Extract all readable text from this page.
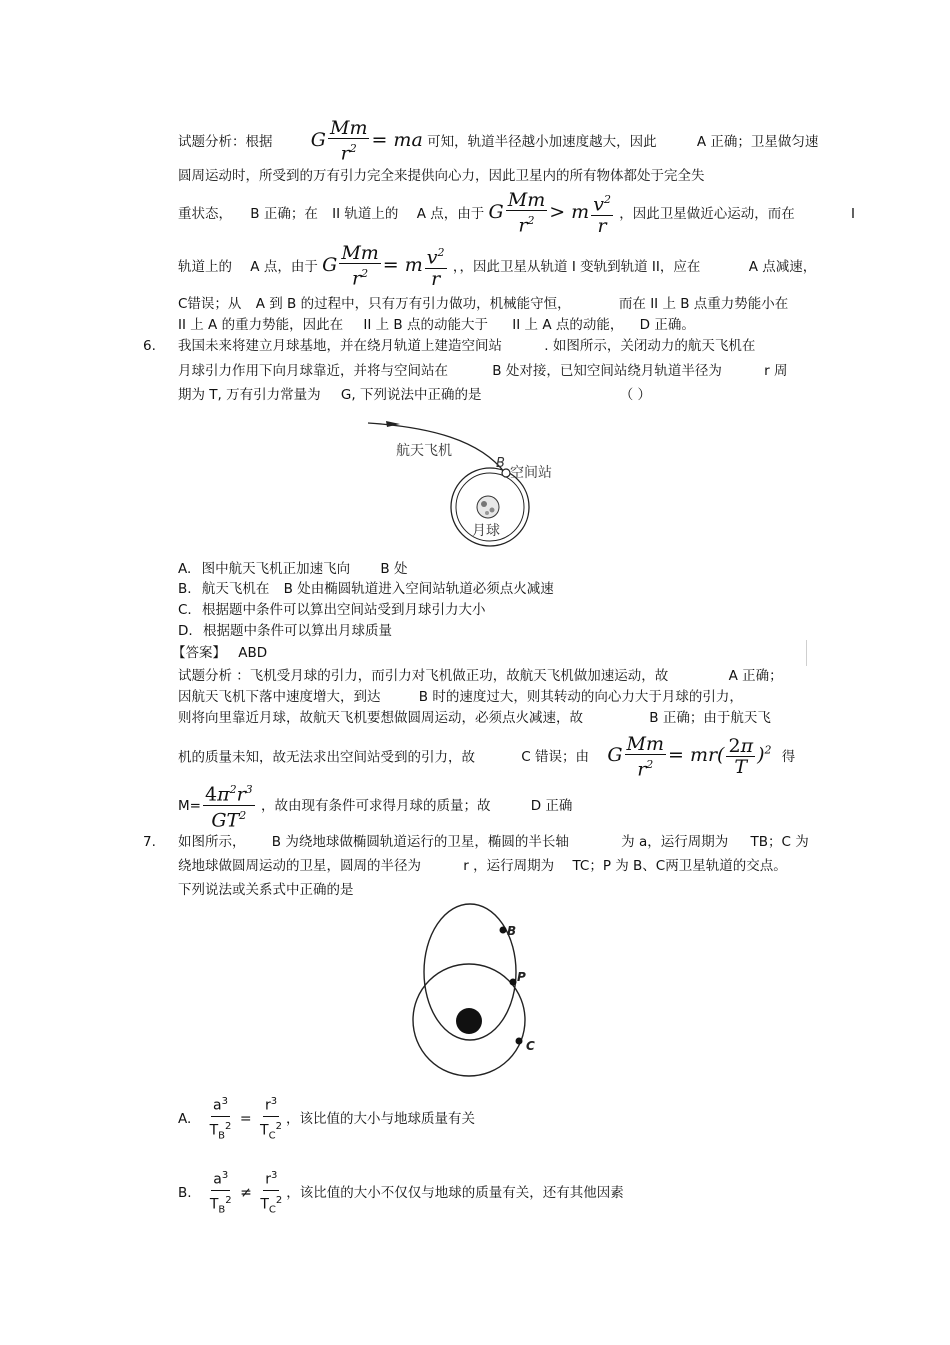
试题分析：根据 G $\frac{Mm}{r^2}$ = ma 可知，轨道半径越小加速度越大，因此	A 正确；卫星做匀速
圆周运动时，所受到的万有引力完全来提供向心力，因此卫星内的所有物体都处于完全失
重状态， B 正确；在 II 轨道上的 A 点，由于 G $\frac{Mm}{r^2} > m \frac{v^2}{r}$ ，因此卫星做近心运动，而在	I
轨道上的 A 点，由于 G $\frac{Mm}{r^2} = m \frac{v^2}{r}$ ，，因此卫星从轨道 I 变轨到轨道 II，应在	A 点减速，
C错误；从 A 到 B 的过程中，只有万有引力做功，机械能守恒，	而在 II 上 B 点重力势能小在
II 上 A 的重力势能，因此在 II 上 B 点的动能大于 II 上 A 点的动能， D 正确。
6. 我国未来将建立月球基地，并在绕月轨道上建造空间站	. 如图所示，关闭动力的航天飞机在
月球引力作用下向月球靠近，并将与空间站在	B 处对接，已知空间站绕月轨道半径为	r 周
期为 T, 万有引力常量为 G, 下列说法中正确的是	（ ）
航天飞机
B
空间站
月球
A. 图中航天飞机正加速飞向 B 处
B. 航天飞机在 B 处由椭圆轨道进入空间站轨道必须点火减速
C. 根据题中条件可以算出空间站受到月球引力大小
D. 根据题中条件可以算出月球质量
【答案】 ABD
试题分析 ：飞机受月球的引力，而引力对飞机做正功，故航天飞机做加速运动，故	A 正确；
因航天飞机下落中速度增大，到达	B 时的速度过大，则其转动的向心力大于月球的引力，
则将向里靠近月球，故航天飞机要想做圆周运动，必须点火减速，故	B 正确；由于航天飞
机的质量未知，故无法求出空间站受到的引力，故	C 错误；由 G $\frac{Mm}{r^2} = mr( \frac{2\pi}{T} )^2$ 得
$M= \frac{4\pi^2r^3}{GT^2}$ ，故由现有条件可求得月球的质量；故	D 正确
7. 如图所示， B 为绕地球做椭圆轨道运行的卫星，椭圆的半长轴	为 a，运行周期为 TB；C 为
绕地球做圆周运动的卫星，圆周的半径为	r ，运行周期为 TC；P 为 B、C两卫星轨道的交点。
下列说法或关系式中正确的是
B
P
C
A. $\frac{a^3}{T_B^2} = \frac{r^3}{T_C^2}$ ，该比值的大小与地球质量有关
B. $\frac{a^3}{T_B^2} \ne \frac{r^3}{T_C^2}$ ，该比值的大小不仅仅与地球的质量有关，还有其他因素
